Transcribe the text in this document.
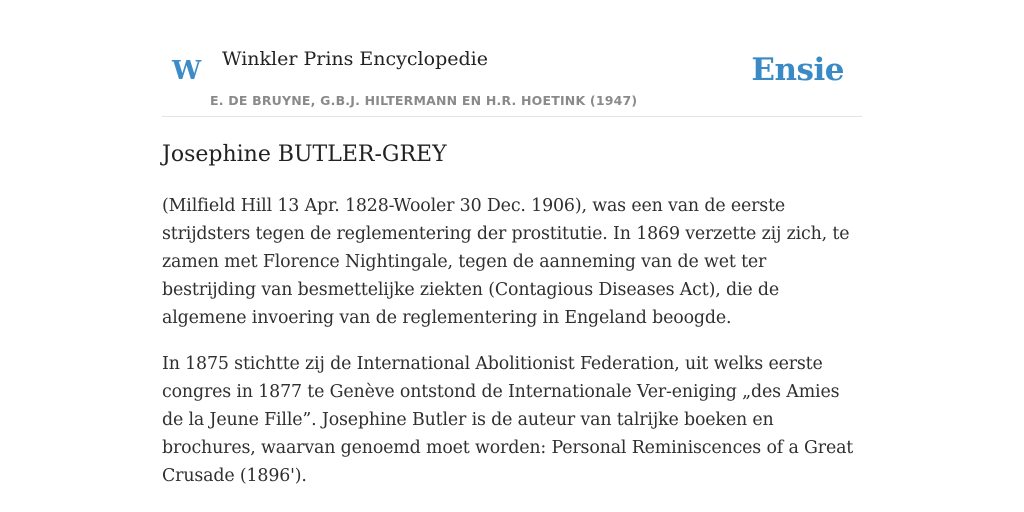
W Winkler Prins Encyclopedie
E. DE BRUYNE, G.B.J. HILTERMANN EN H.R. HOETINK (1947)
Ensie
Josephine BUTLER-GREY

(Milfield Hill 13 Apr. 1828-Wooler 30 Dec. 1906), was een van de eerste strijdsters tegen de reglementering der prostitutie. In 1869 verzette zij zich, te zamen met Florence Nightingale, tegen de aanneming van de wet ter bestrijding van besmettelijke ziekten (Contagious Diseases Act), die de algemene invoering van de reglementering in Engeland beoogde.

In 1875 stichtte zij de International Abolitionist Federation, uit welks eerste congres in 1877 te Genève ontstond de Internationale Ver-eniging „des Amies de la Jeune Fille”. Josephine Butler is de auteur van talrijke boeken en brochures, waarvan genoemd moet worden: Personal Reminiscences of a Great Crusade (1896').
